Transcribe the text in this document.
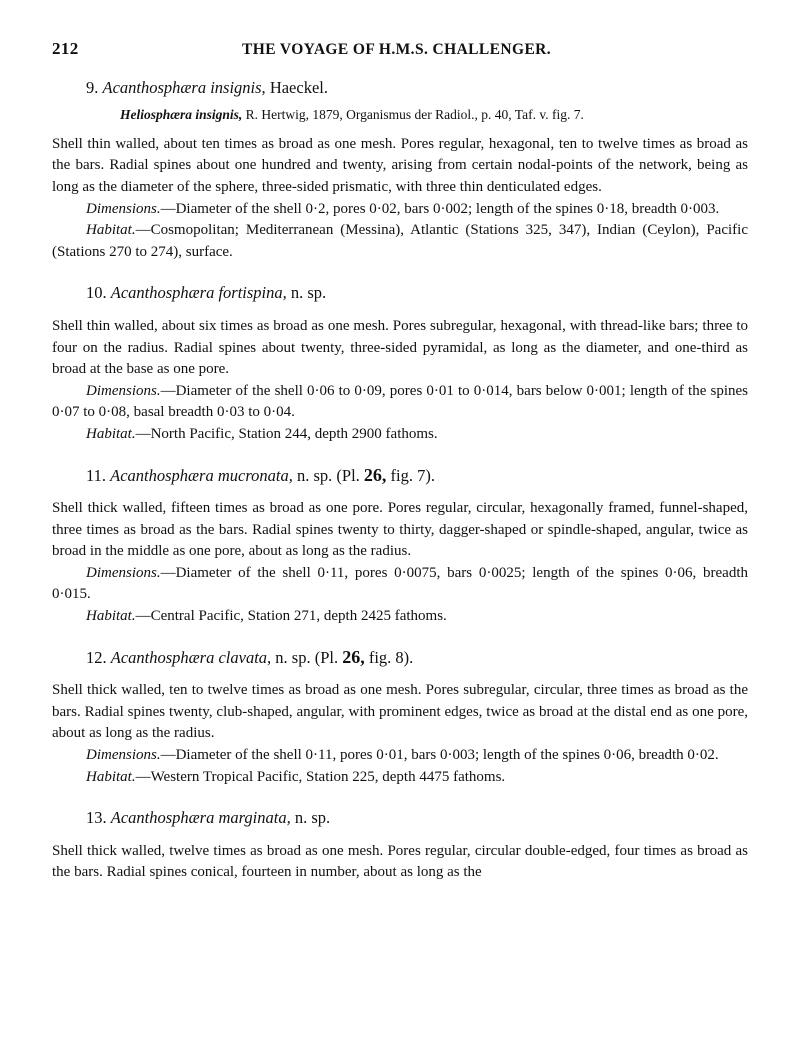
212	THE VOYAGE OF H.M.S. CHALLENGER.
9. Acanthosphæra insignis, Haeckel.
Heliosphæra insignis, R. Hertwig, 1879, Organismus der Radiol., p. 40, Taf. v. fig. 7.

Shell thin walled, about ten times as broad as one mesh. Pores regular, hexagonal, ten to twelve times as broad as the bars. Radial spines about one hundred and twenty, arising from certain nodal-points of the network, being as long as the diameter of the sphere, three-sided prismatic, with three thin denticulated edges.

Dimensions.—Diameter of the shell 0·2, pores 0·02, bars 0·002; length of the spines 0·18, breadth 0·003.

Habitat.—Cosmopolitan; Mediterranean (Messina), Atlantic (Stations 325, 347), Indian (Ceylon), Pacific (Stations 270 to 274), surface.

10. Acanthosphæra fortispina, n. sp.

Shell thin walled, about six times as broad as one mesh. Pores subregular, hexagonal, with thread-like bars; three to four on the radius. Radial spines about twenty, three-sided pyramidal, as long as the diameter, and one-third as broad at the base as one pore.

Dimensions.—Diameter of the shell 0·06 to 0·09, pores 0·01 to 0·014, bars below 0·001; length of the spines 0·07 to 0·08, basal breadth 0·03 to 0·04.

Habitat.—North Pacific, Station 244, depth 2900 fathoms.

11. Acanthosphæra mucronata, n. sp. (Pl. 26, fig. 7).

Shell thick walled, fifteen times as broad as one pore. Pores regular, circular, hexagonally framed, funnel-shaped, three times as broad as the bars. Radial spines twenty to thirty, dagger-shaped or spindle-shaped, angular, twice as broad in the middle as one pore, about as long as the radius.

Dimensions.—Diameter of the shell 0·11, pores 0·0075, bars 0·0025; length of the spines 0·06, breadth 0·015.

Habitat.—Central Pacific, Station 271, depth 2425 fathoms.

12. Acanthosphæra clavata, n. sp. (Pl. 26, fig. 8).

Shell thick walled, ten to twelve times as broad as one mesh. Pores subregular, circular, three times as broad as the bars. Radial spines twenty, club-shaped, angular, with prominent edges, twice as broad at the distal end as one pore, about as long as the radius.

Dimensions.—Diameter of the shell 0·11, pores 0·01, bars 0·003; length of the spines 0·06, breadth 0·02.

Habitat.—Western Tropical Pacific, Station 225, depth 4475 fathoms.

13. Acanthosphæra marginata, n. sp.

Shell thick walled, twelve times as broad as one mesh. Pores regular, circular double-edged, four times as broad as the bars. Radial spines conical, fourteen in number, about as long as the
